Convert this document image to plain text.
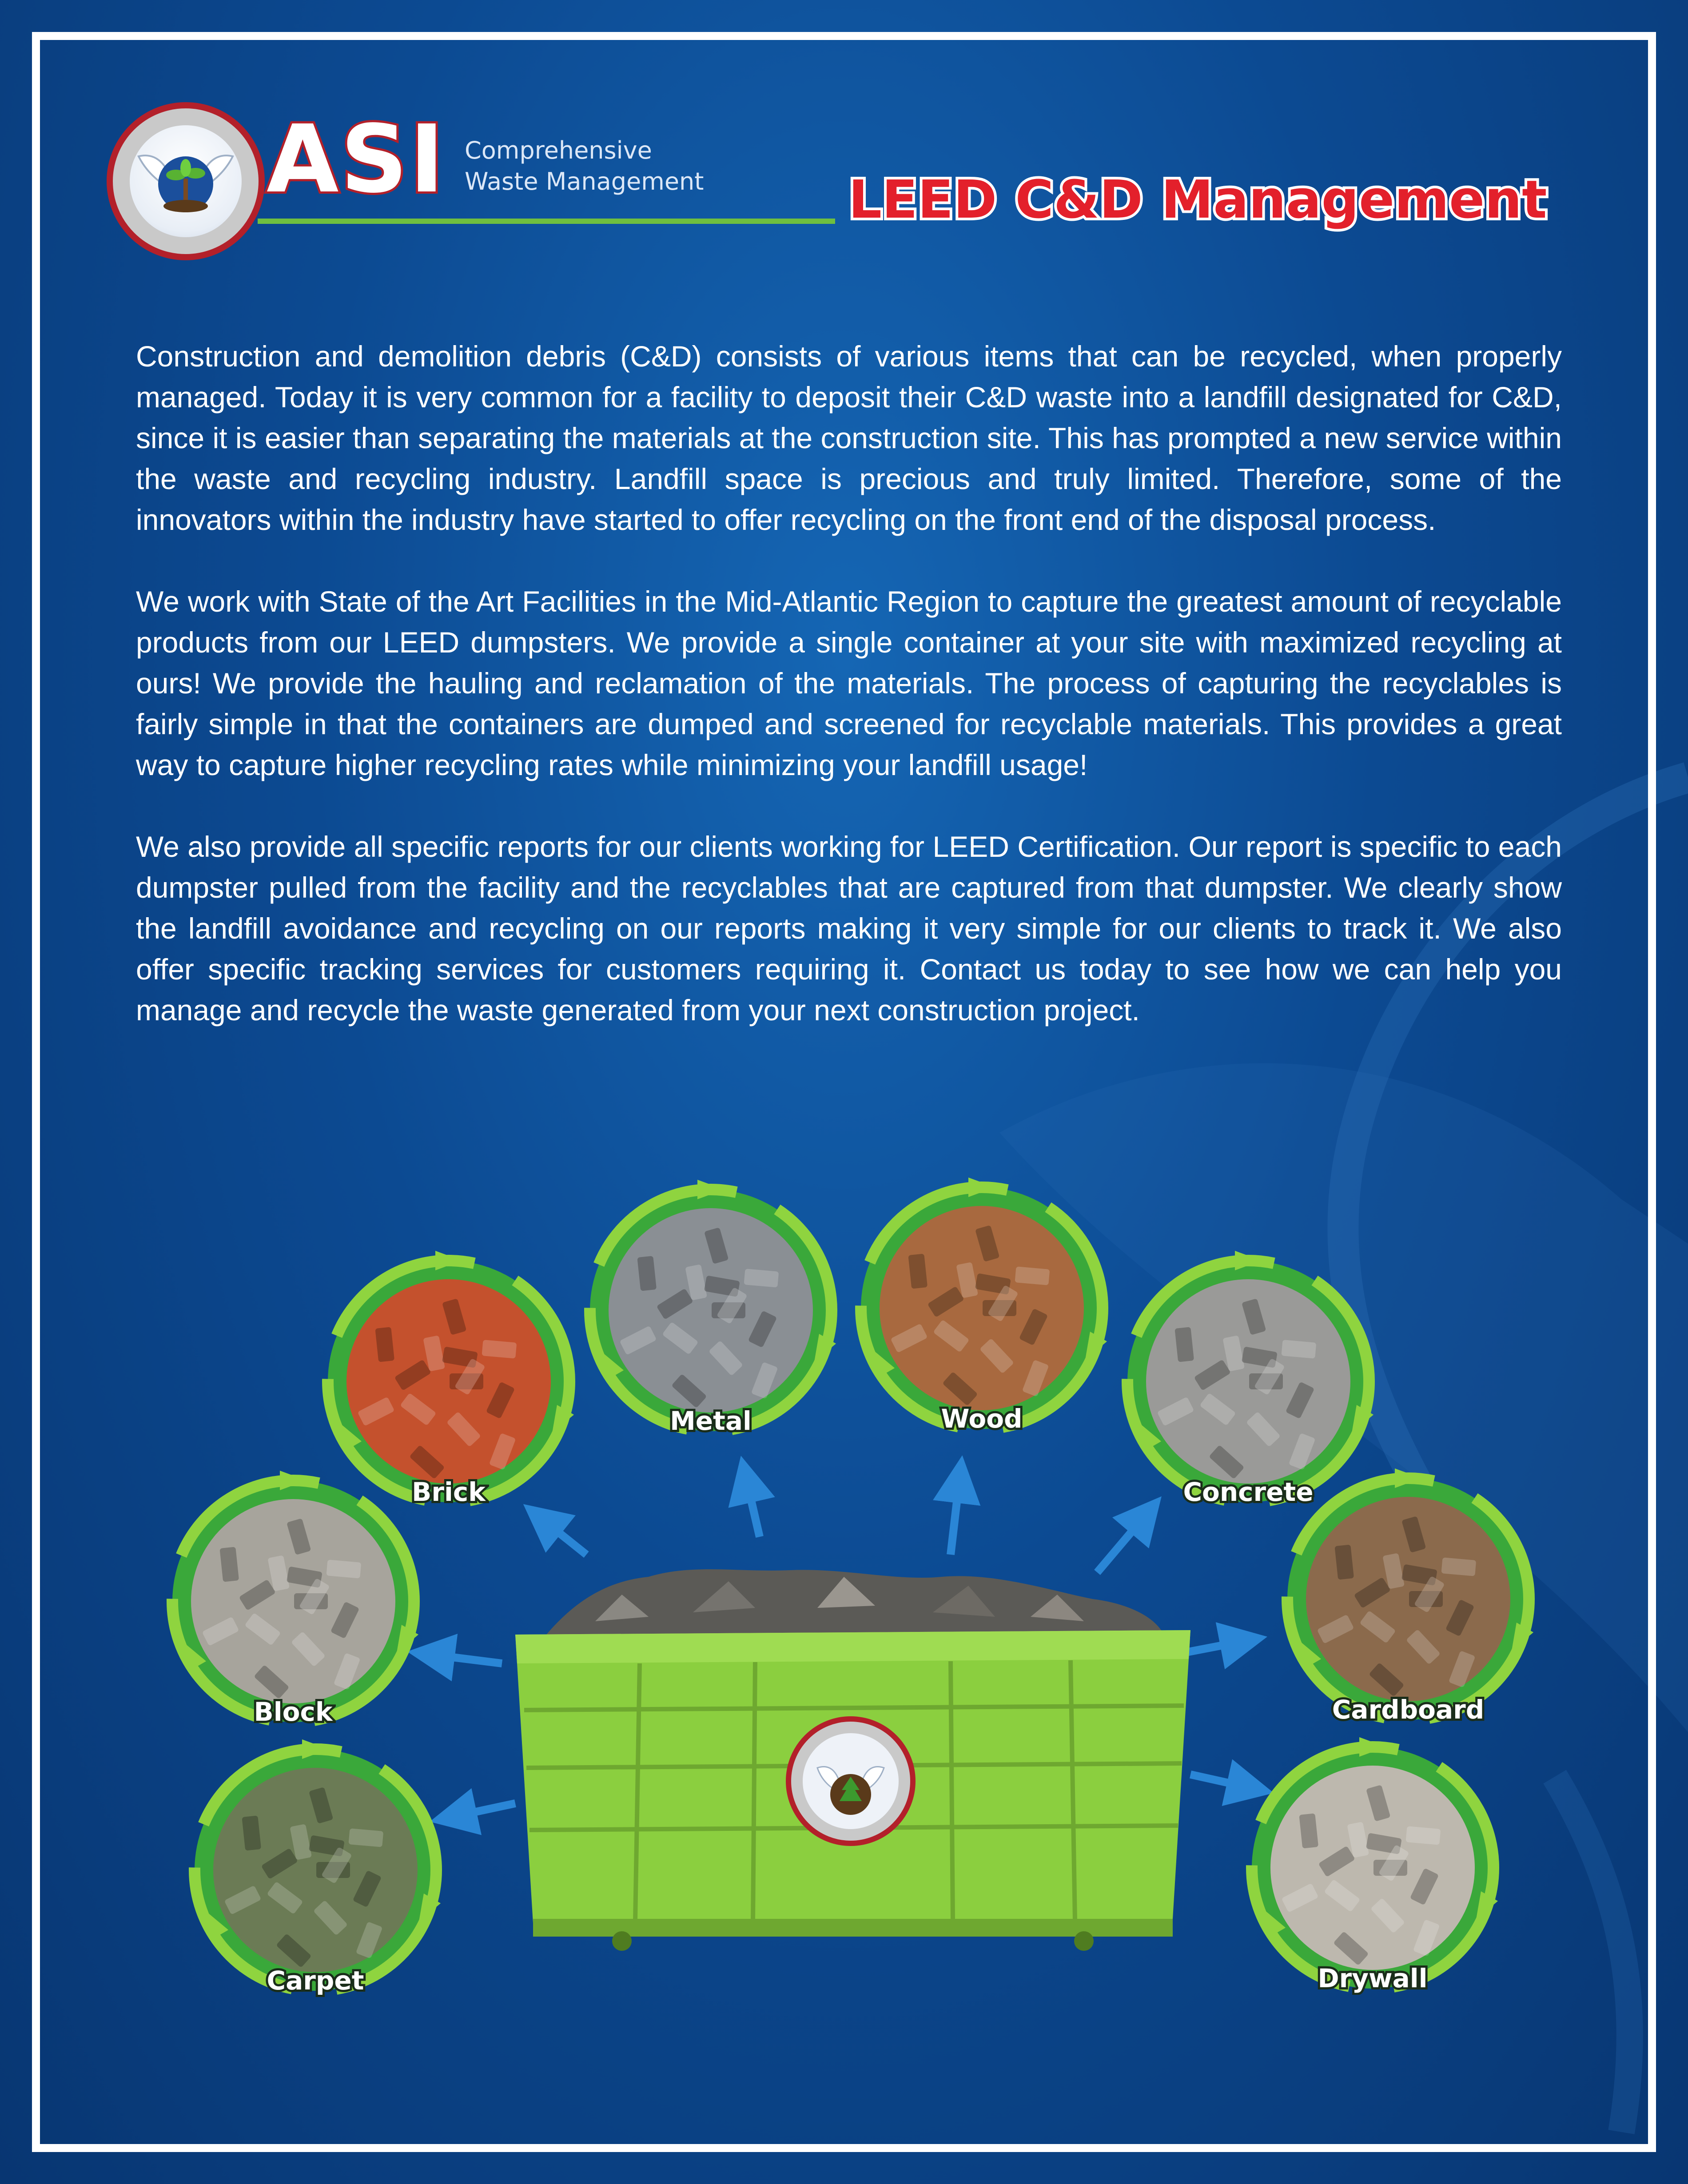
ASI Comprehensive
Waste Management	LEED C&D Management

Construction and demolition debris (C&D) consists of various items that can be recycled, when properly managed. Today it is very common for a facility to deposit their C&D waste into a landfill designated for C&D, since it is easier than separating the materials at the construction site. This has prompted a new service within the waste and recycling industry. Landfill space is precious and truly limited. Therefore, some of the innovators within the industry have started to offer recycling on the front end of the disposal process.

We work with State of the Art Facilities in the Mid-Atlantic Region to capture the greatest amount of recyclable products from our LEED dumpsters. We provide a single container at your site with maximized recycling at ours! We provide the hauling and reclamation of the materials. The process of capturing the recyclables is fairly simple in that the containers are dumped and screened for recyclable materials. This provides a great way to capture higher recycling rates while minimizing your landfill usage!

We also provide all specific reports for our clients working for LEED Certification. Our report is specific to each dumpster pulled from the facility and the recyclables that are captured from that dumpster. We clearly show the landfill avoidance and recycling on our reports making it very simple for our clients to track it. We also offer specific tracking services for customers requiring it. Contact us today to see how we can help you manage and recycle the waste generated from your next construction project.

Brick
Metal	Wood
Concrete
Block	Cardboard
Carpet	Drywall
